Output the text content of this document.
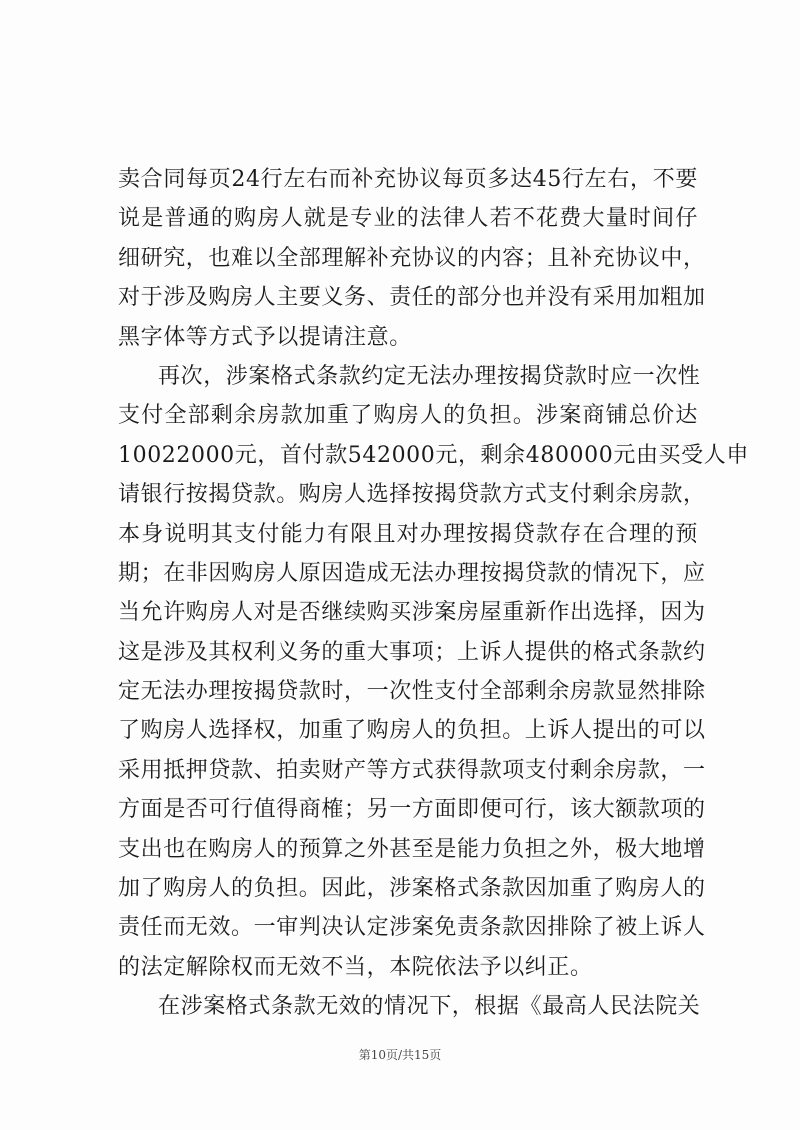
卖合同每页24行左右而补充协议每页多达45行左右，不要
说是普通的购房人就是专业的法律人若不花费大量时间仔
细研究，也难以全部理解补充协议的内容；且补充协议中，
对于涉及购房人主要义务、责任的部分也并没有采用加粗加
黑字体等方式予以提请注意。
再次，涉案格式条款约定无法办理按揭贷款时应一次性
支付全部剩余房款加重了购房人的负担。涉案商铺总价达
10022000元，首付款542000元，剩余480000元由买受人申
请银行按揭贷款。购房人选择按揭贷款方式支付剩余房款，
本身说明其支付能力有限且对办理按揭贷款存在合理的预
期；在非因购房人原因造成无法办理按揭贷款的情况下，应
当允许购房人对是否继续购买涉案房屋重新作出选择，因为
这是涉及其权利义务的重大事项；上诉人提供的格式条款约
定无法办理按揭贷款时，一次性支付全部剩余房款显然排除
了购房人选择权，加重了购房人的负担。上诉人提出的可以
采用抵押贷款、拍卖财产等方式获得款项支付剩余房款，一
方面是否可行值得商榷；另一方面即便可行，该大额款项的
支出也在购房人的预算之外甚至是能力负担之外，极大地增
加了购房人的负担。因此，涉案格式条款因加重了购房人的
责任而无效。一审判决认定涉案免责条款因排除了被上诉人
的法定解除权而无效不当，本院依法予以纠正。
在涉案格式条款无效的情况下，根据《最高人民法院关
第10页/共15页
